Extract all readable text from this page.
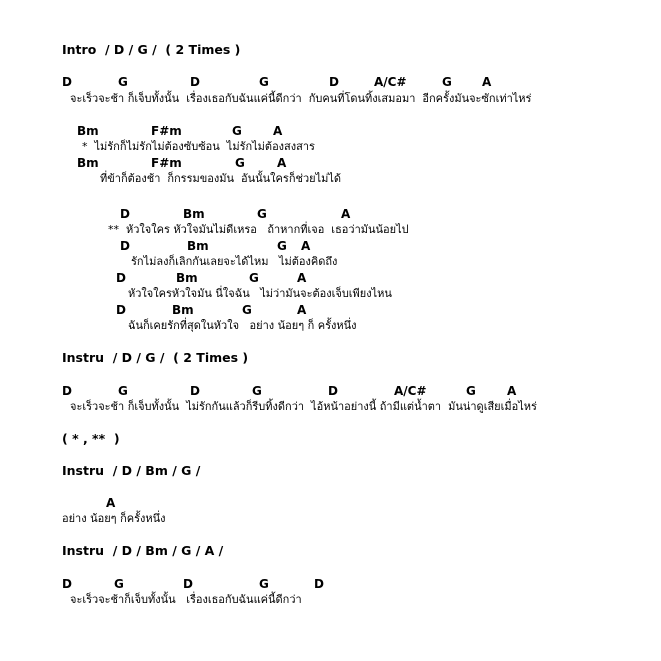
Intro  / D / G /  ( 2 Times )
D	G	D	G	D	A/C#	G	A
จะเร็วจะช้า ก็เจ็บทั้งนั้น  เรื่องเธอกับฉันแค่นี้ดีกว่า  กับคนที่โดนทิ้งเสมอมา  อีกครั้งมันจะซักเท่าไหร่
Bm	F#m	G	A
*  ไม่รักก็ไม่รักไม่ต้องซับซ้อน  ไม่รักไม่ต้องสงสาร
Bm	F#m	G	A
ที่ข้าก็ต้องช้า  ก็กรรมของมัน  อันนั้นใครก็ช่วยไม่ได้
D	Bm	G	A
**  หัวใจใคร หัวใจมันไม่ดีเหรอ   ถ้าหากที่เจอ  เธอว่ามันน้อยไป
D	Bm	G A
รักไม่ลงก็เลิกกันเลยจะได้ไหม   ไม่ต้องคิดถึง
D	Bm	G	A
หัวใจใครหัวใจมัน นี่ใจฉัน   ไม่ว่ามันจะต้องเจ็บเพียงไหน
D	Bm	G	A
ฉันก็เคยรักที่สุดในหัวใจ   อย่าง น้อยๆ ก็ ครั้งหนึ่ง
Instru  / D / G /  ( 2 Times )
D	G	D	G	D	A/C#	G	A
จะเร็วจะช้า ก็เจ็บทั้งนั้น  ไม่รักกันแล้วก็รีบทิ้งดีกว่า  ไอ้หน้าอย่างนี้ ถ้ามีแต่น้ำตา  มันน่าดูเสียเมื่อไหร่
( * , **  )
Instru  / D / Bm / G /
A
อย่าง น้อยๆ ก็ครั้งหนึ่ง
Instru  / D / Bm / G / A /
D	G	D	G	D
จะเร็วจะช้าก็เจ็บทั้งนั้น   เรื่องเธอกับฉันแค่นี้ดีกว่า
